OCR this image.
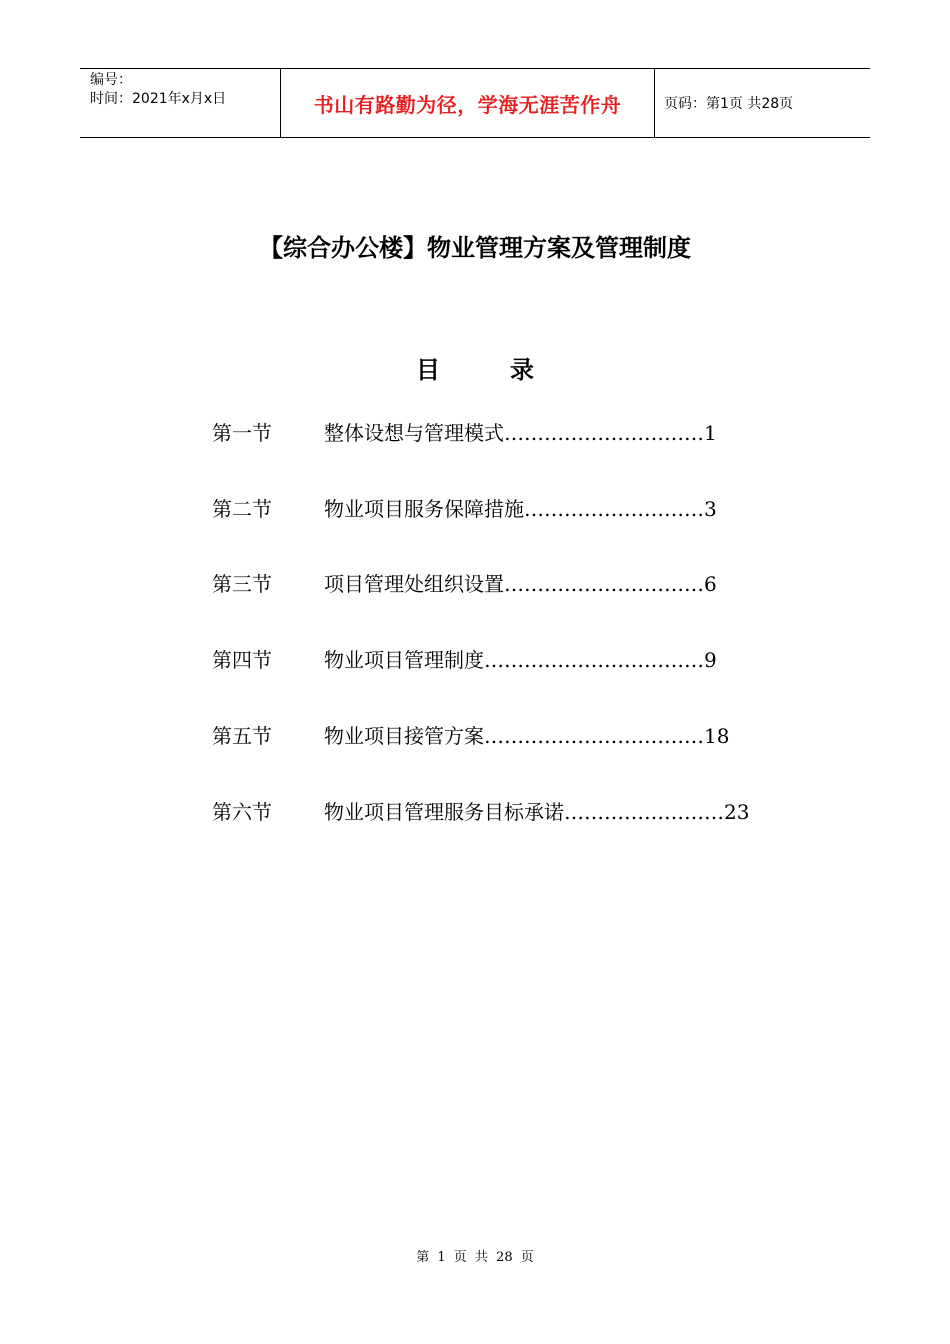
编号：
时间：2021年x月x日	书山有路勤为径，学海无涯苦作舟	页码：第1页 共28页
【综合办公楼】物业管理方案及管理制度
目录
第一节	整体设想与管理模式…………………………1
第二节	物业项目服务保障措施………………………3
第三节	项目管理处组织设置…………………………6
第四节	物业项目管理制度……………………………9
第五节	物业项目接管方案……………………………18
第六节	物业项目管理服务目标承诺……………………23
第 1 页 共 28 页
